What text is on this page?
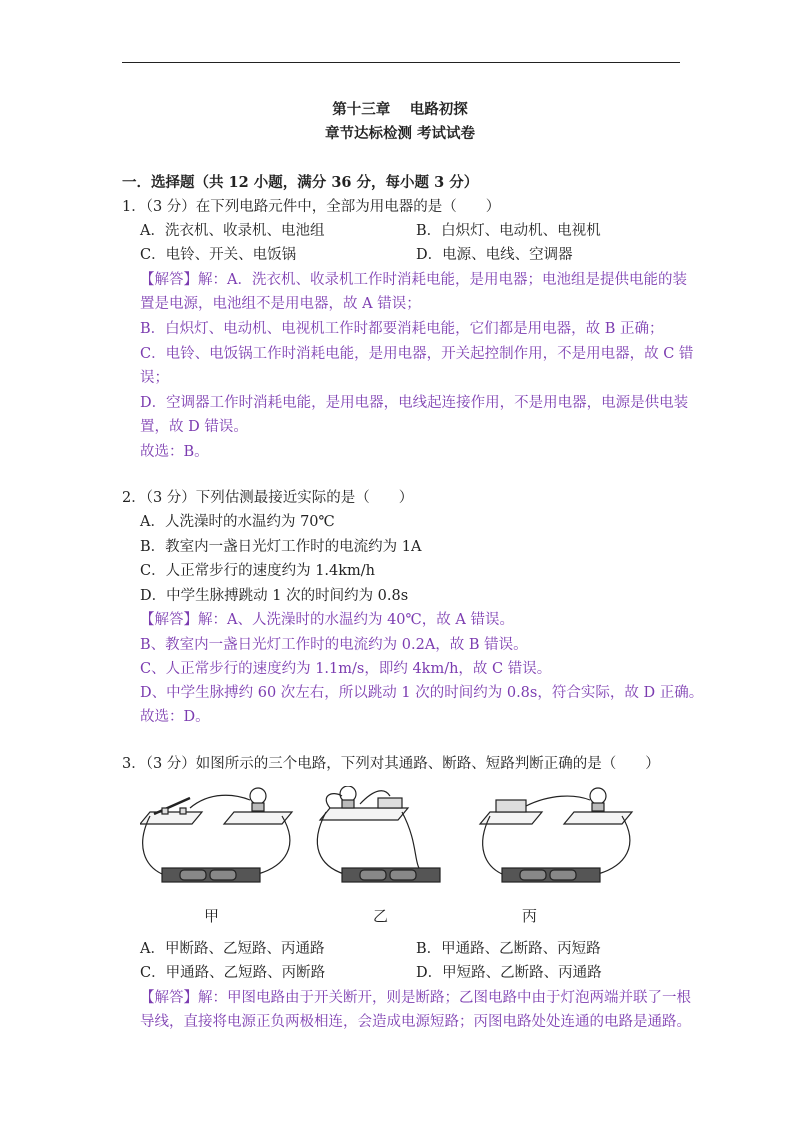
第十三章　 电路初探
章节达标检测 考试试卷
一．选择题（共 12 小题，满分 36 分，每小题 3 分）
1．（3 分）在下列电路元件中，全部为用电器的是（　　）
A．洗衣机、收录机、电池组	B．白炽灯、电动机、电视机
C．电铃、开关、电饭锅	D．电源、电线、空调器
【解答】解：A．洗衣机、收录机工作时消耗电能，是用电器；电池组是提供电能的装
置是电源，电池组不是用电器，故 A 错误；
B．白炽灯、电动机、电视机工作时都要消耗电能，它们都是用电器，故 B 正确；
C．电铃、电饭锅工作时消耗电能，是用电器，开关起控制作用，不是用电器，故 C 错
误；
D．空调器工作时消耗电能，是用电器，电线起连接作用，不是用电器，电源是供电装
置，故 D 错误。
故选：B。
2．（3 分）下列估测最接近实际的是（　　）
A．人洗澡时的水温约为 70℃
B．教室内一盏日光灯工作时的电流约为 1A
C．人正常步行的速度约为 1.4km/h
D．中学生脉搏跳动 1 次的时间约为 0.8s
【解答】解：A、人洗澡时的水温约为 40℃，故 A 错误。
B、教室内一盏日光灯工作时的电流约为 0.2A，故 B 错误。
C、人正常步行的速度约为 1.1m/s，即约 4km/h，故 C 错误。
D、中学生脉搏约 60 次左右，所以跳动 1 次的时间约为 0.8s，符合实际，故 D 正确。
故选：D。
3．（3 分）如图所示的三个电路，下列对其通路、断路、短路判断正确的是（　　）
甲	乙	丙
A．甲断路、乙短路、丙通路	B．甲通路、乙断路、丙短路
C．甲通路、乙短路、丙断路	D．甲短路、乙断路、丙通路
【解答】解：甲图电路由于开关断开，则是断路；乙图电路中由于灯泡两端并联了一根
导线，直接将电源正负两极相连，会造成电源短路；丙图电路处处连通的电路是通路。
